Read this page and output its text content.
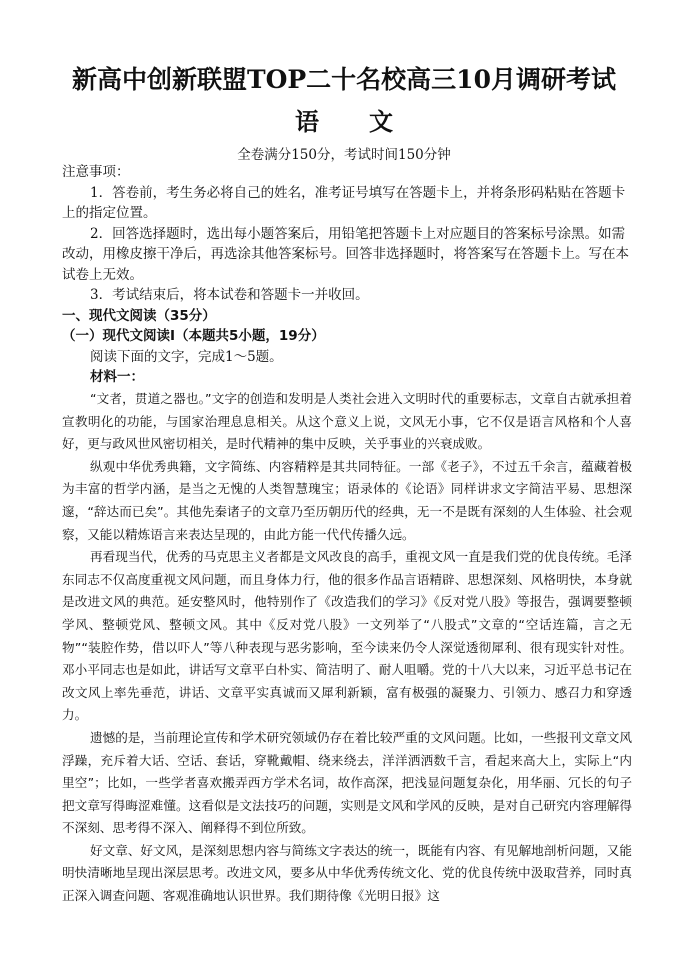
新高中创新联盟TOP二十名校高三10月调研考试
语文

全卷满分150分，考试时间150分钟

注意事项：

1．答卷前，考生务必将自己的姓名，准考证号填写在答题卡上，并将条形码粘贴在答题卡上的指定位置。

2．回答选择题时，选出每小题答案后，用铅笔把答题卡上对应题目的答案标号涂黑。如需改动，用橡皮擦干净后，再选涂其他答案标号。回答非选择题时，将答案写在答题卡上。写在本试卷上无效。

3．考试结束后，将本试卷和答题卡一并收回。

一、现代文阅读（35分）

（一）现代文阅读Ⅰ（本题共5小题，19分）

阅读下面的文字，完成1～5题。

材料一：

“文者，贯道之器也。”文字的创造和发明是人类社会进入文明时代的重要标志，文章自古就承担着宣教明化的功能，与国家治理息息相关。从这个意义上说，文风无小事，它不仅是语言风格和个人喜好，更与政风世风密切相关，是时代精神的集中反映，关乎事业的兴衰成败。

纵观中华优秀典籍，文字简练、内容精粹是其共同特征。一部《老子》，不过五千余言，蕴藏着极为丰富的哲学内涵，是当之无愧的人类智慧瑰宝；语录体的《论语》同样讲求文字简洁平易、思想深邃，“辞达而已矣”。其他先秦诸子的文章乃至历朝历代的经典，无一不是既有深刻的人生体验、社会观察，又能以精炼语言来表达呈现的，由此方能一代代传播久远。

再看现当代，优秀的马克思主义者都是文风改良的高手，重视文风一直是我们党的优良传统。毛泽东同志不仅高度重视文风问题，而且身体力行，他的很多作品言语精辟、思想深刻、风格明快，本身就是改进文风的典范。延安整风时，他特别作了《改造我们的学习》《反对党八股》等报告，强调要整顿学风、整顿党风、整顿文风。其中《反对党八股》一文列举了“八股式”文章的“空话连篇，言之无物”“装腔作势，借以吓人”等八种表现与恶劣影响，至今读来仍令人深觉透彻犀利、很有现实针对性。邓小平同志也是如此，讲话写文章平白朴实、简洁明了、耐人咀嚼。党的十八大以来，习近平总书记在改文风上率先垂范，讲话、文章平实真诚而又犀利新颖，富有极强的凝聚力、引领力、感召力和穿透力。

遗憾的是，当前理论宣传和学术研究领域仍存在着比较严重的文风问题。比如，一些报刊文章文风浮躁，充斥着大话、空话、套话，穿靴戴帽、绕来绕去，洋洋洒洒数千言，看起来高大上，实际上“内里空”；比如，一些学者喜欢搬弄西方学术名词，故作高深，把浅显问题复杂化，用华丽、冗长的句子把文章写得晦涩难懂。这看似是文法技巧的问题，实则是文风和学风的反映，是对自己研究内容理解得不深刻、思考得不深入、阐释得不到位所致。

好文章、好文风，是深刻思想内容与简练文字表达的统一，既能有内容、有见解地剖析问题，又能明快清晰地呈现出深层思考。改进文风，要多从中华优秀传统文化、党的优良传统中汲取营养，同时真正深入调查问题、客观准确地认识世界。我们期待像《光明日报》这
